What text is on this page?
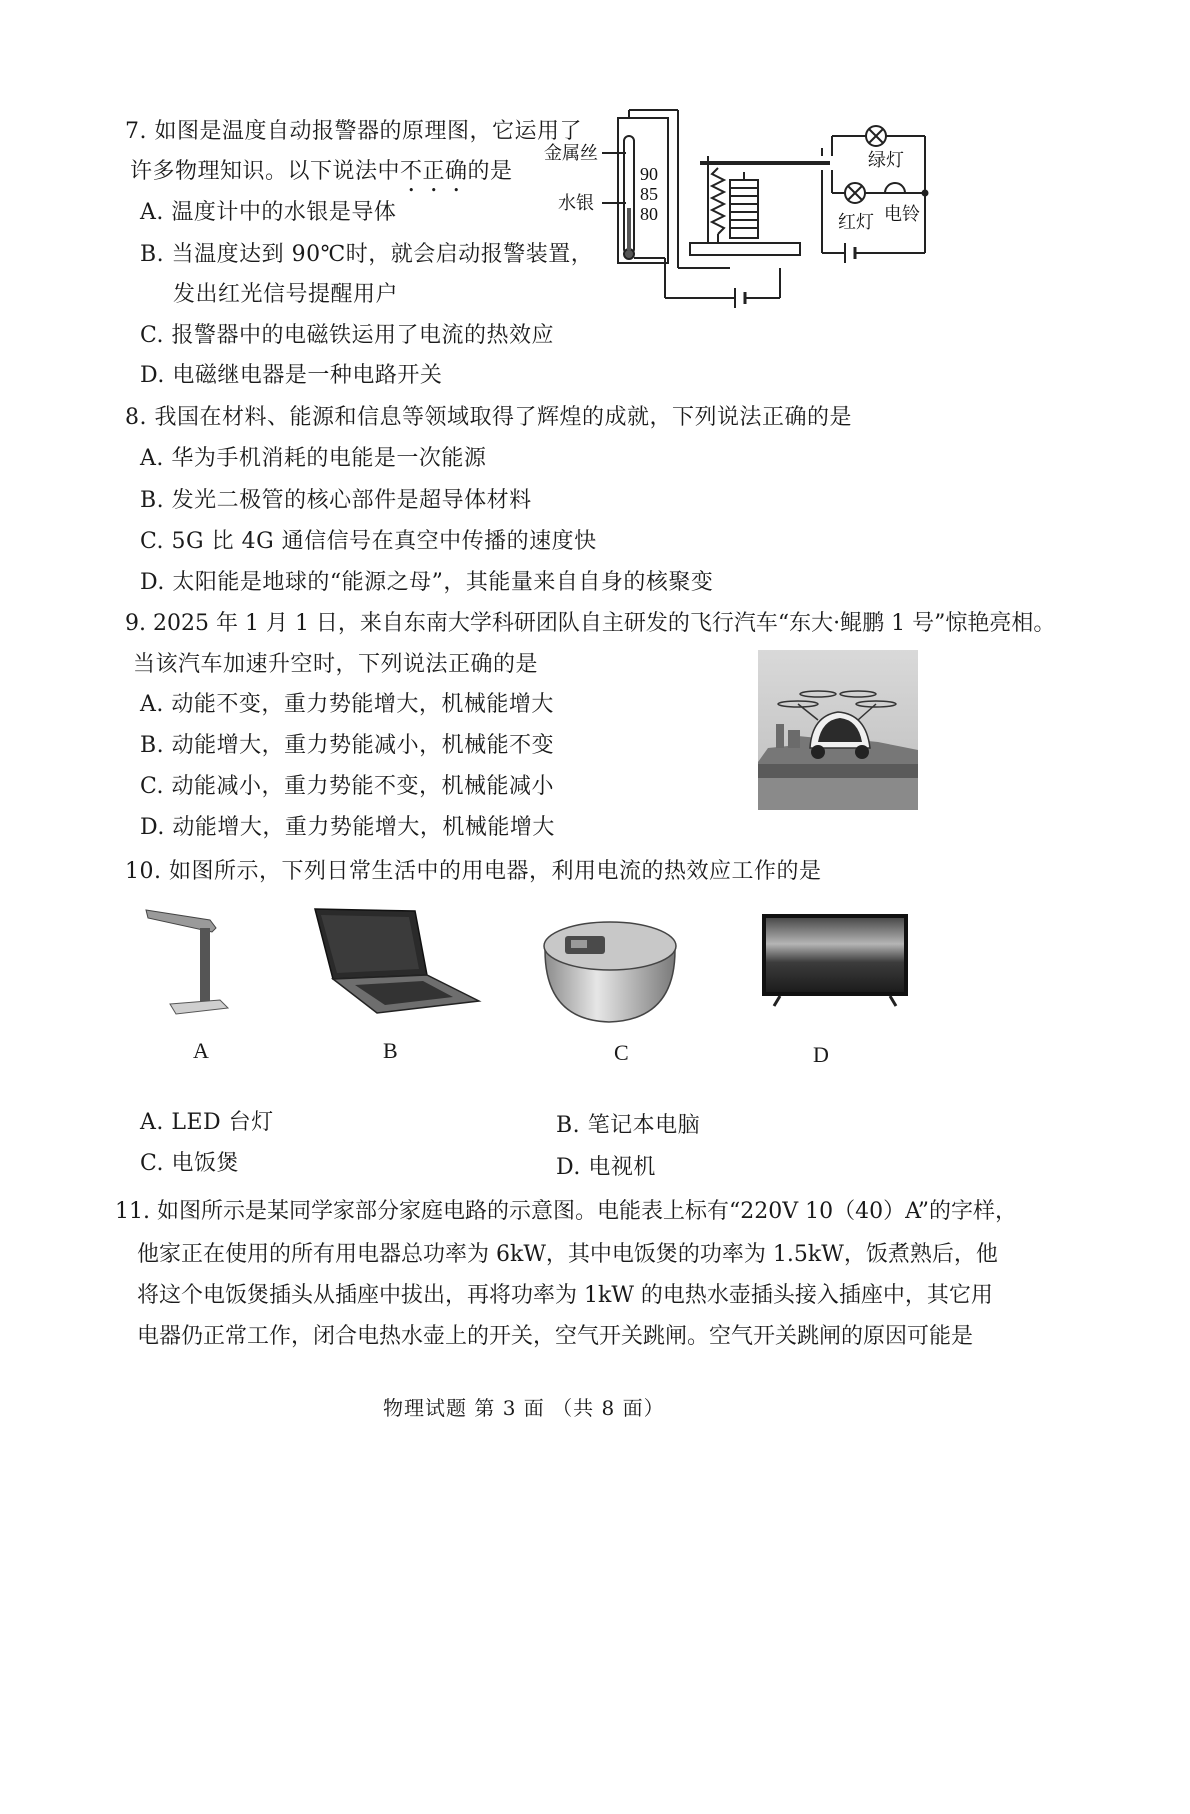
7. 如图是温度自动报警器的原理图，它运用了
许多物理知识。以下说法中不正确的是
A. 温度计中的水银是导体
B. 当温度达到 90℃时，就会启动报警装置，
发出红光信号提醒用户
C. 报警器中的电磁铁运用了电流的热效应
D. 电磁继电器是一种电路开关
金属丝
水银
90
85
80
绿灯
红灯 电铃
8. 我国在材料、能源和信息等领域取得了辉煌的成就，下列说法正确的是
A. 华为手机消耗的电能是一次能源
B. 发光二极管的核心部件是超导体材料
C. 5G 比 4G 通信信号在真空中传播的速度快
D. 太阳能是地球的“能源之母”，其能量来自自身的核聚变
9. 2025 年 1 月 1 日，来自东南大学科研团队自主研发的飞行汽车“东大·鲲鹏 1 号”惊艳亮相。
当该汽车加速升空时，下列说法正确的是
A. 动能不变，重力势能增大，机械能增大
B. 动能增大，重力势能减小，机械能不变
C. 动能减小，重力势能不变，机械能减小
D. 动能增大，重力势能增大，机械能增大
10. 如图所示，下列日常生活中的用电器，利用电流的热效应工作的是
A	B	C	D
A. LED 台灯	B. 笔记本电脑
C. 电饭煲	D. 电视机
11. 如图所示是某同学家部分家庭电路的示意图。电能表上标有“220V 10（40）A”的字样，
他家正在使用的所有用电器总功率为 6kW，其中电饭煲的功率为 1.5kW，饭煮熟后，他
将这个电饭煲插头从插座中拔出，再将功率为 1kW 的电热水壶插头接入插座中，其它用
电器仍正常工作，闭合电热水壶上的开关，空气开关跳闸。空气开关跳闸的原因可能是
物理试题 第 3 面 （共 8 面）
